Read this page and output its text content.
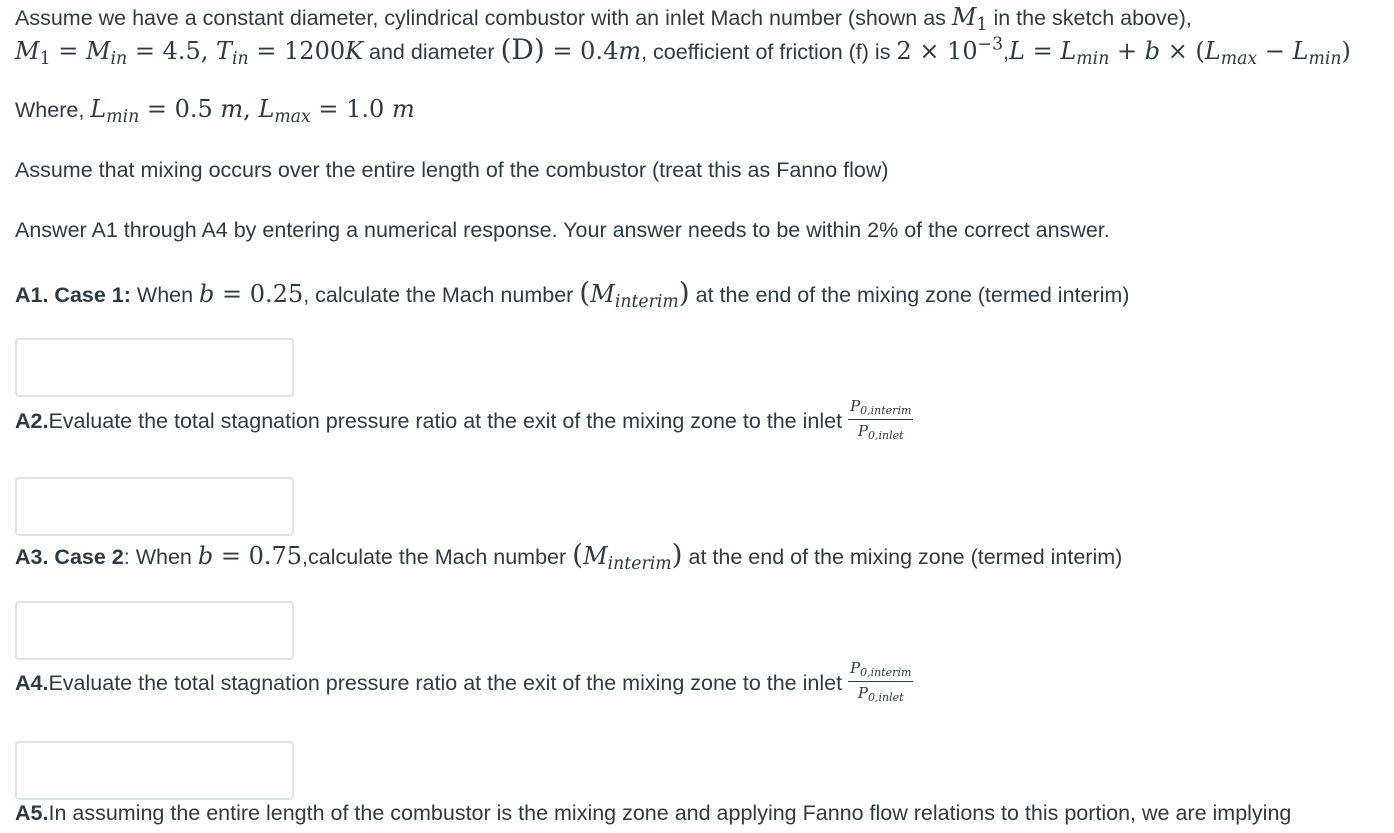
Assume we have a constant diameter, cylindrical combustor with an inlet Mach number (shown as $M_1$ in the sketch above),
$M_1 = M_{in} = 4.5$, $T_{in} = 1200K$ and diameter (D) = 0.4m, coefficient of friction (f) is $2 \times 10^{-3},L = L_{min} + b \times (L_{max} - L_{min})$
Where, $L_{min} = 0.5$ m, $L_{max} = 1.0$ m
Assume that mixing occurs over the entire length of the combustor (treat this as Fanno flow)
Answer A1 through A4 by entering a numerical response. Your answer needs to be within 2% of the correct answer.
A1. Case 1: When b = 0.25, calculate the Mach number $(M_{interim})$ at the end of the mixing zone (termed interim)
A2.Evaluate the total stagnation pressure ratio at the exit of the mixing zone to the inlet $\frac{\text{P0,interim}}{\text{P0,inlet}}$
A3. Case 2: When b = 0.75,calculate the Mach number $(M_{interim})$ at the end of the mixing zone (termed interim)
A4.Evaluate the total stagnation pressure ratio at the exit of the mixing zone to the inlet $\frac{\text{P0,interim}}{\text{P0,inlet}}$
A5.In assuming the entire length of the combustor is the mixing zone and applying Fanno flow relations to this portion, we are implying
